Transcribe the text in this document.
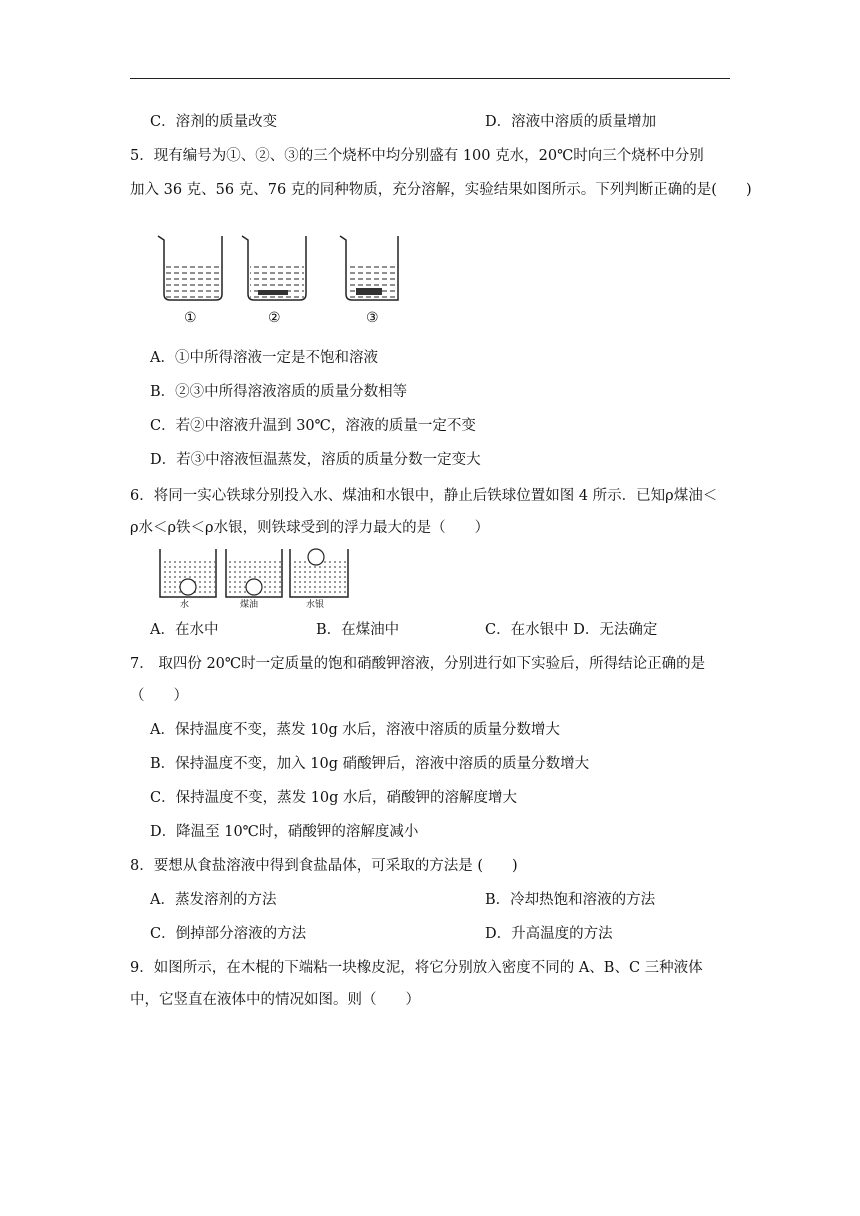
C．溶剂的质量改变	D．溶液中溶质的质量增加
5．现有编号为①、②、③的三个烧杯中均分别盛有 100 克水，20℃时向三个烧杯中分别
加入 36 克、56 克、76 克的同种物质，充分溶解，实验结果如图所示。下列判断正确的是(　　)
①	②	③
A．①中所得溶液一定是不饱和溶液
B．②③中所得溶液溶质的质量分数相等
C．若②中溶液升温到 30℃，溶液的质量一定不变
D．若③中溶液恒温蒸发，溶质的质量分数一定变大
6．将同一实心铁球分别投入水、煤油和水银中，静止后铁球位置如图 4 所示．已知ρ煤油＜
ρ水＜ρ铁＜ρ水银，则铁球受到的浮力最大的是（　　）
水	煤油	水银
A．在水中	B．在煤油中	C．在水银中 D．无法确定
7． 取四份 20℃时一定质量的饱和硝酸钾溶液，分别进行如下实验后，所得结论正确的是
（　　）
A．保持温度不变，蒸发 10g 水后，溶液中溶质的质量分数增大
B．保持温度不变，加入 10g 硝酸钾后，溶液中溶质的质量分数增大
C．保持温度不变，蒸发 10g 水后，硝酸钾的溶解度增大
D．降温至 10℃时，硝酸钾的溶解度减小
8．要想从食盐溶液中得到食盐晶体，可采取的方法是 (　　)
A．蒸发溶剂的方法	B．冷却热饱和溶液的方法
C．倒掉部分溶液的方法	D．升高温度的方法
9．如图所示，在木棍的下端粘一块橡皮泥，将它分别放入密度不同的 A、B、C 三种液体
中，它竖直在液体中的情况如图。则（　　）
